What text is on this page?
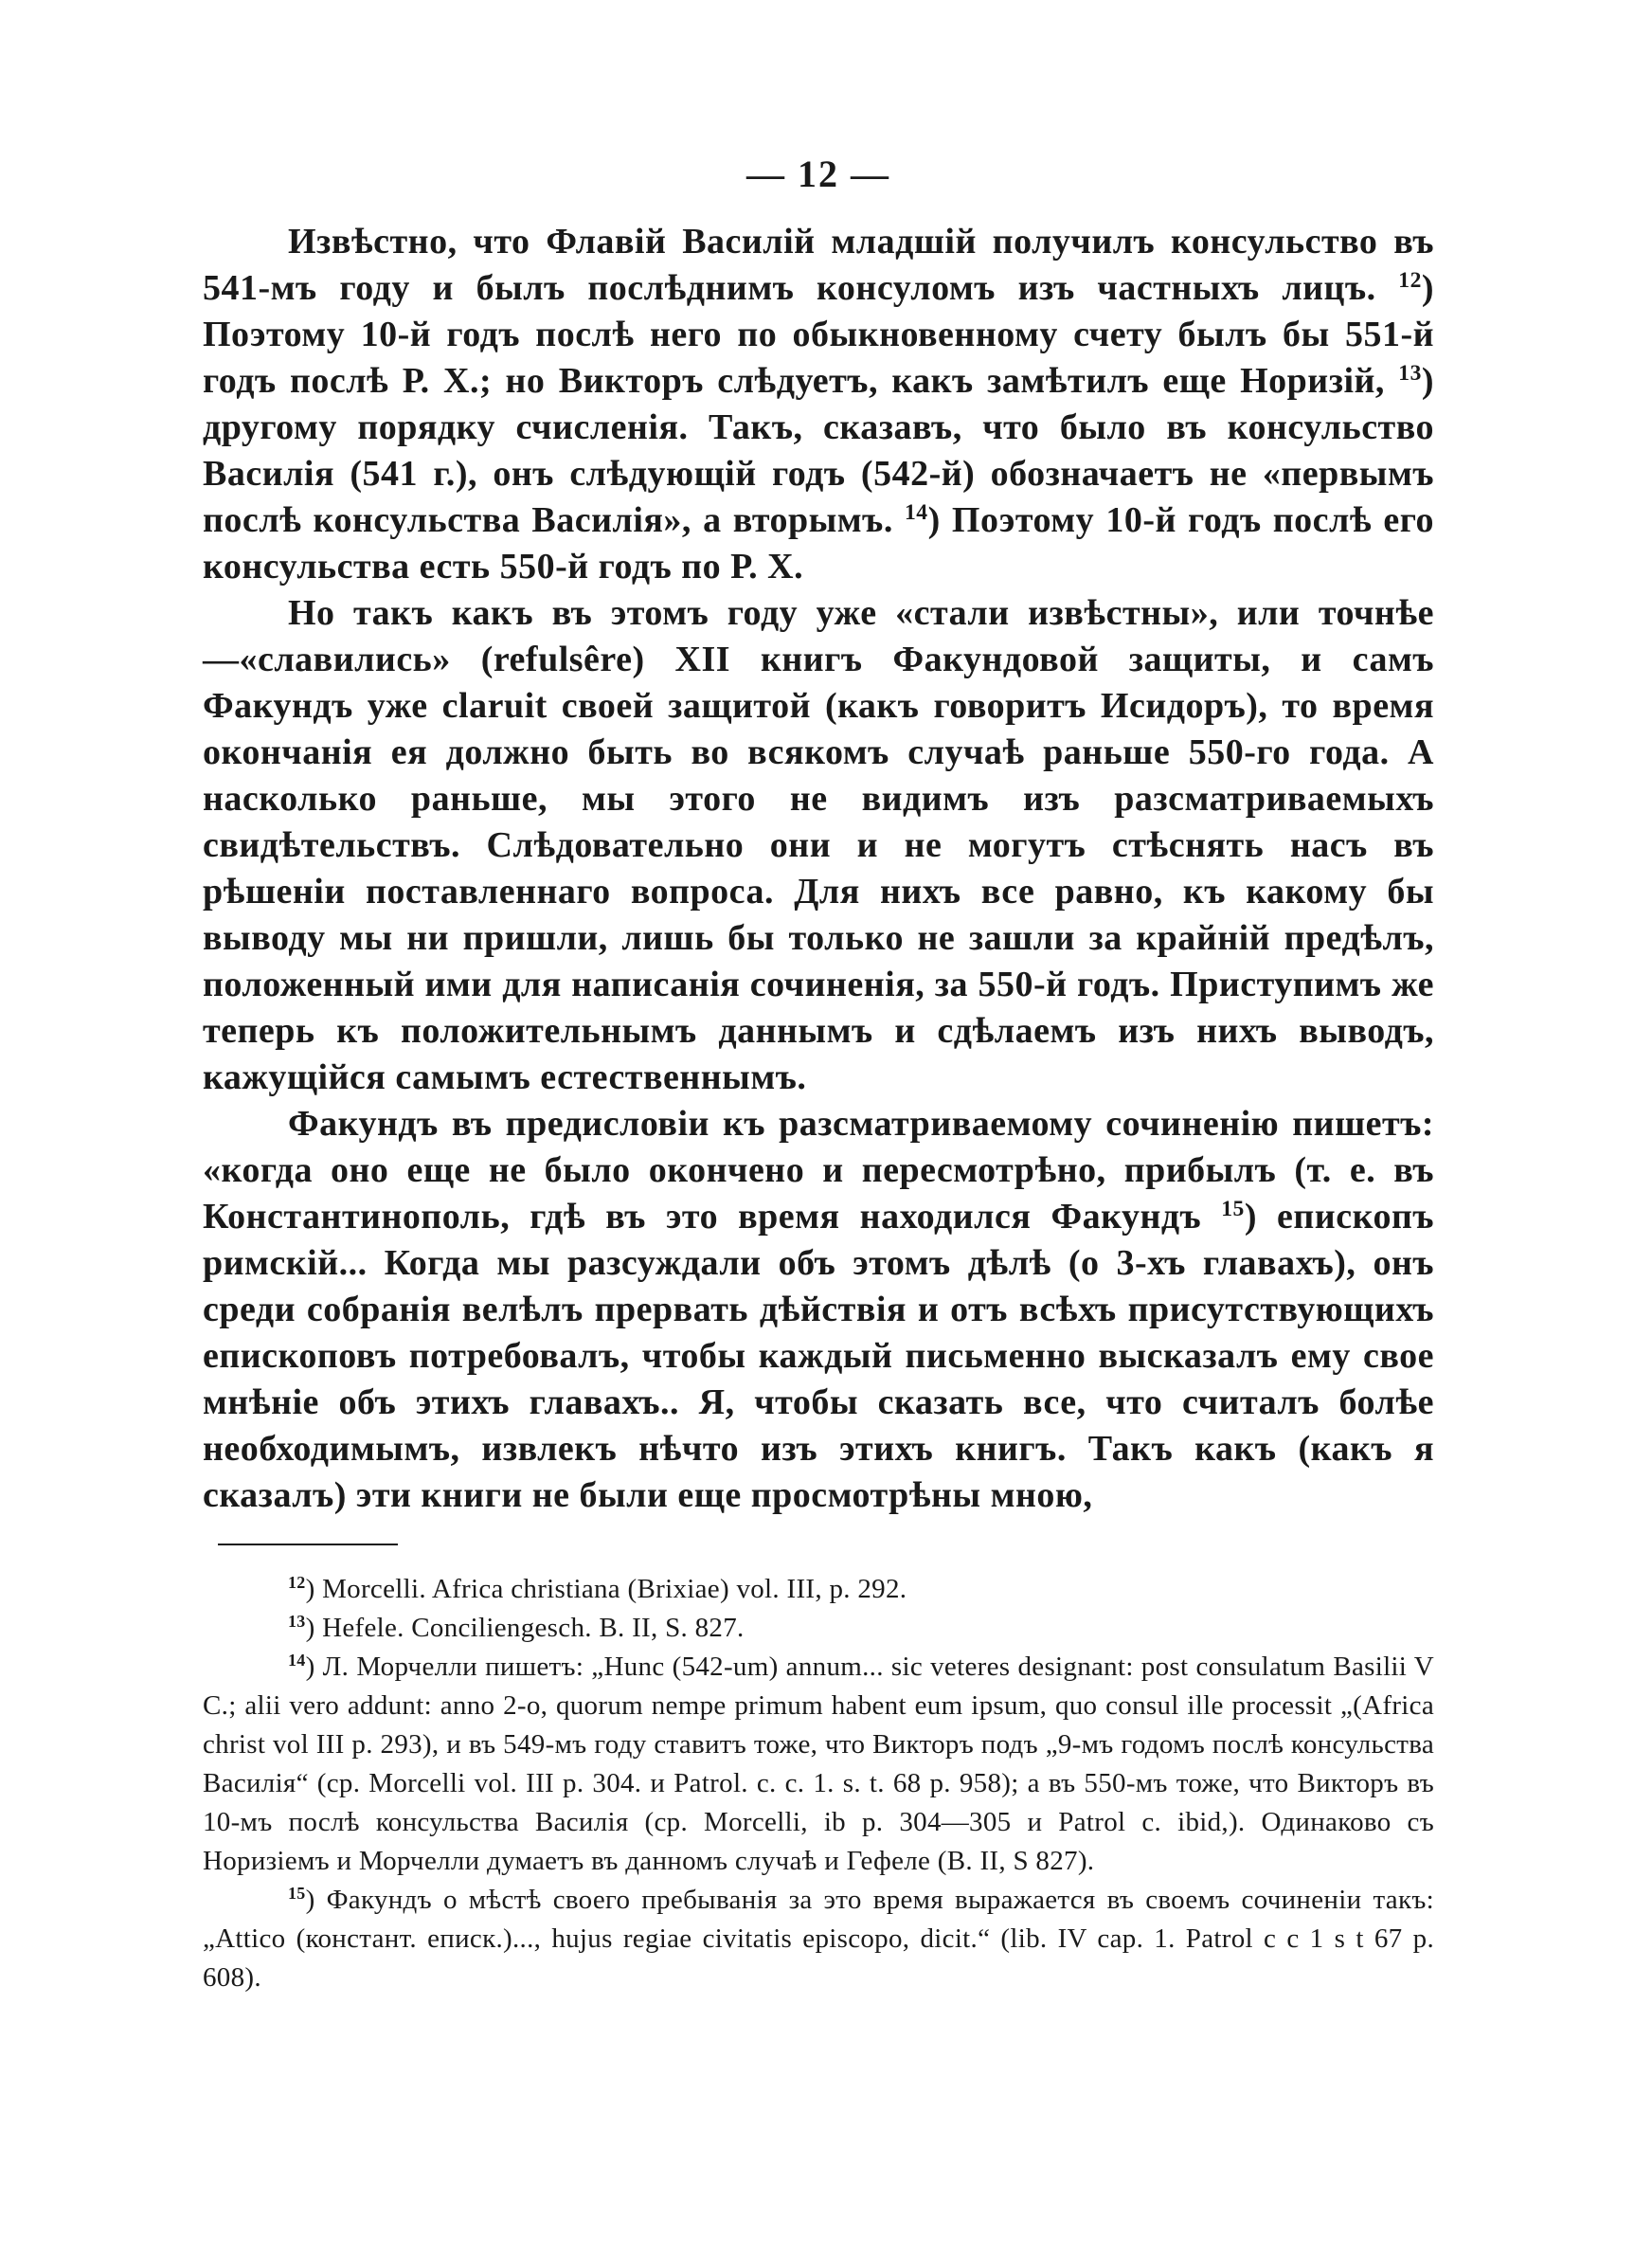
— 12 —

Извѣстно, что Флавій Василій младшій получилъ консульство въ 541-мъ году и былъ послѣднимъ консуломъ изъ частныхъ лицъ. $^{12}$) Поэтому 10-й годъ послѣ него по обыкновенному счету былъ бы 551-й годъ послѣ Р. Х.; но Викторъ слѣдуетъ, какъ замѣтилъ еще Норизій, $^{13}$) другому порядку счисленія. Такъ, сказавъ, что было въ консульство Василія (541 г.), онъ слѣдующій годъ (542-й) обозначаетъ не «первымъ послѣ консульства Василія», а вторымъ. $^{14}$) Поэтому 10-й годъ послѣ его консульства есть 550-й годъ по Р. Х.

Но такъ какъ въ этомъ году уже «стали извѣстны», или точнѣе—«славились» (refulsêre) XII книгъ Факундовой защиты, и самъ Факундъ уже claruit своей защитой (какъ говоритъ Исидоръ), то время окончанія ея должно быть во всякомъ случаѣ раньше 550-го года. А насколько раньше, мы этого не видимъ изъ разсматриваемыхъ свидѣтельствъ. Слѣдовательно они и не могутъ стѣснять насъ въ рѣшеніи поставленнаго вопроса. Для нихъ все равно, къ какому бы выводу мы ни пришли, лишь бы только не зашли за крайній предѣлъ, положенный ими для написанія сочиненія, за 550-й годъ. Приступимъ же теперь къ положительнымъ даннымъ и сдѣлаемъ изъ нихъ выводъ, кажущійся самымъ естественнымъ.

Факундъ въ предисловіи къ разсматриваемому сочиненію пишетъ: «когда оно еще не было окончено и пересмотрѣно, прибылъ (т. е. въ Константинополь, гдѣ въ это время находился Факундъ $^{15}$) епископъ римскій... Когда мы разсуждали объ этомъ дѣлѣ (о 3-хъ главахъ), онъ среди собранія велѣлъ прервать дѣйствія и отъ всѣхъ присутствующихъ епископовъ потребовалъ, чтобы каждый письменно высказалъ ему свое мнѣніе объ этихъ главахъ.. Я, чтобы сказать все, что считалъ болѣе необходимымъ, извлекъ нѣчто изъ этихъ книгъ. Такъ какъ (какъ я сказалъ) эти книги не были еще просмотрѣны мною,

$^{12}$) Morcelli. Africa christiana (Brixiae) vol. III, p. 292.

$^{13}$) Hefele. Conciliengesch. B. II, S. 827.

$^{14}$) Л. Морчелли пишетъ: „Hunc (542-um) annum... sic veteres designant: post consulatum Basilii V C.; alii vero addunt: anno 2-o, quorum nempe primum habent eum ipsum, quo consul ille processit „(Africa christ vol III p. 293), и въ 549-мъ году ставитъ тоже, что Викторъ подъ „9-мъ годомъ послѣ консульства Василія“ (ср. Morcelli vol. III p. 304. и Patrol. c. c. 1. s. t. 68 p. 958); а въ 550-мъ тоже, что Викторъ въ 10-мъ послѣ консульства Василія (ср. Morcelli, ib p. 304—305 и Patrol c. ibid,). Одинаково съ Норизіемъ и Морчелли думаетъ въ данномъ случаѣ и Гефеле (B. II, S 827).

$^{15}$) Факундъ о мѣстѣ своего пребыванія за это время выражается въ своемъ сочиненіи такъ: „Attico (констант. еписк.)..., hujus regiae civitatis episcopo, dicit.“ (lib. IV cap. 1. Patrol c c 1 s t 67 p. 608).
